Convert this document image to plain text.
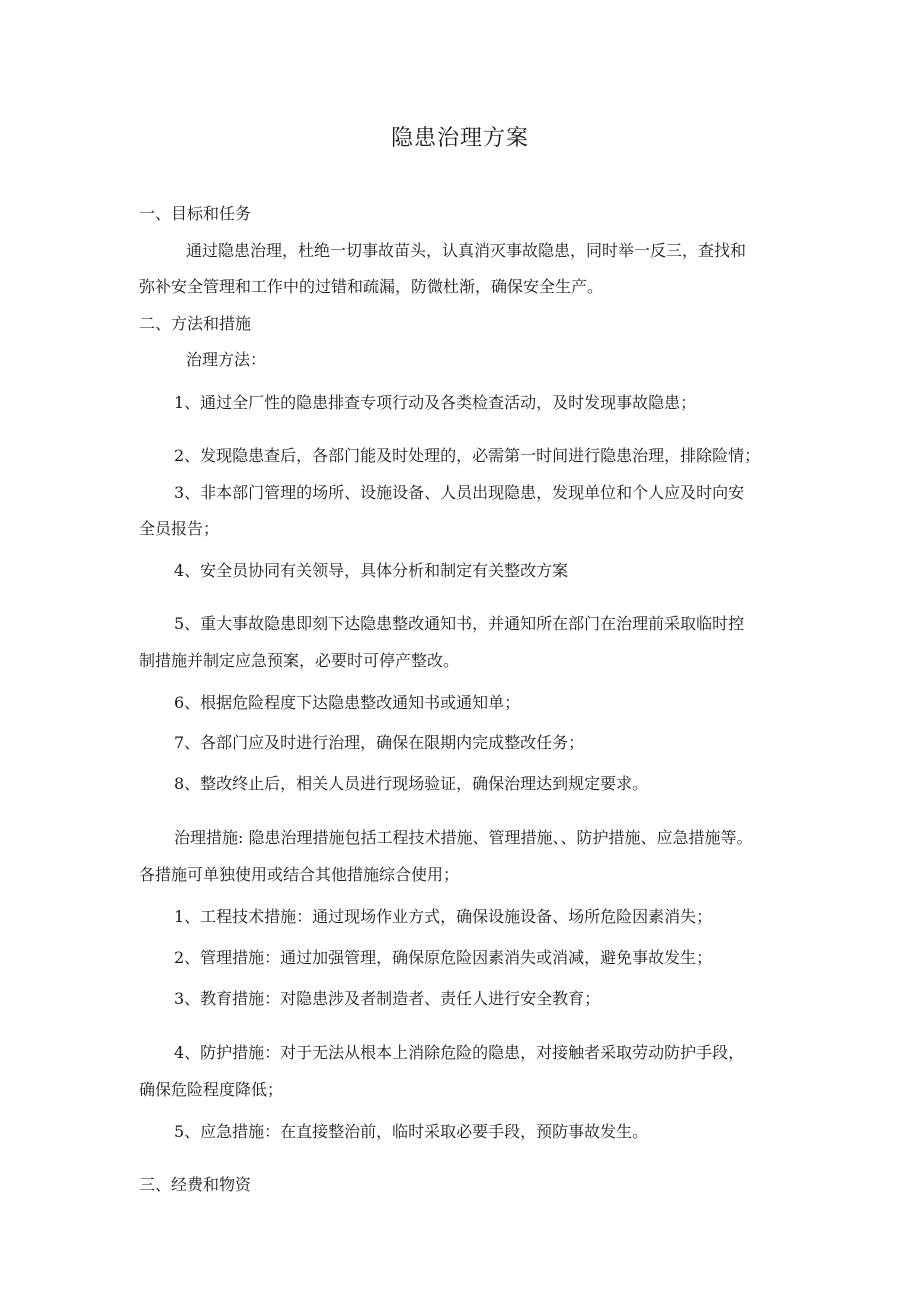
隐患治理方案
一、目标和任务
通过隐患治理，杜绝一切事故苗头，认真消灭事故隐患，同时举一反三，查找和
弥补安全管理和工作中的过错和疏漏，防微杜渐，确保安全生产。
二、方法和措施
治理方法：
1、通过全厂性的隐患排查专项行动及各类检查活动，及时发现事故隐患；
2、发现隐患查后，各部门能及时处理的，必需第一时间进行隐患治理，排除险情；
3、非本部门管理的场所、设施设备、人员出现隐患，发现单位和个人应及时向安
全员报告；
4、安全员协同有关领导，具体分析和制定有关整改方案
5、重大事故隐患即刻下达隐患整改通知书，并通知所在部门在治理前采取临时控
制措施并制定应急预案，必要时可停产整改。
6、根据危险程度下达隐患整改通知书或通知单；
7、各部门应及时进行治理，确保在限期内完成整改任务；
8、整改终止后，相关人员进行现场验证，确保治理达到规定要求。
治理措施: 隐患治理措施包括工程技术措施、管理措施、、防护措施、应急措施等。
各措施可单独使用或结合其他措施综合使用；
1、工程技术措施：通过现场作业方式，确保设施设备、场所危险因素消失；
2、管理措施：通过加强管理，确保原危险因素消失或消减，避免事故发生；
3、教育措施：对隐患涉及者制造者、责任人进行安全教育；
4、防护措施：对于无法从根本上消除危险的隐患，对接触者采取劳动防护手段，
确保危险程度降低；
5、应急措施：在直接整治前，临时采取必要手段，预防事故发生。
三、经费和物资
